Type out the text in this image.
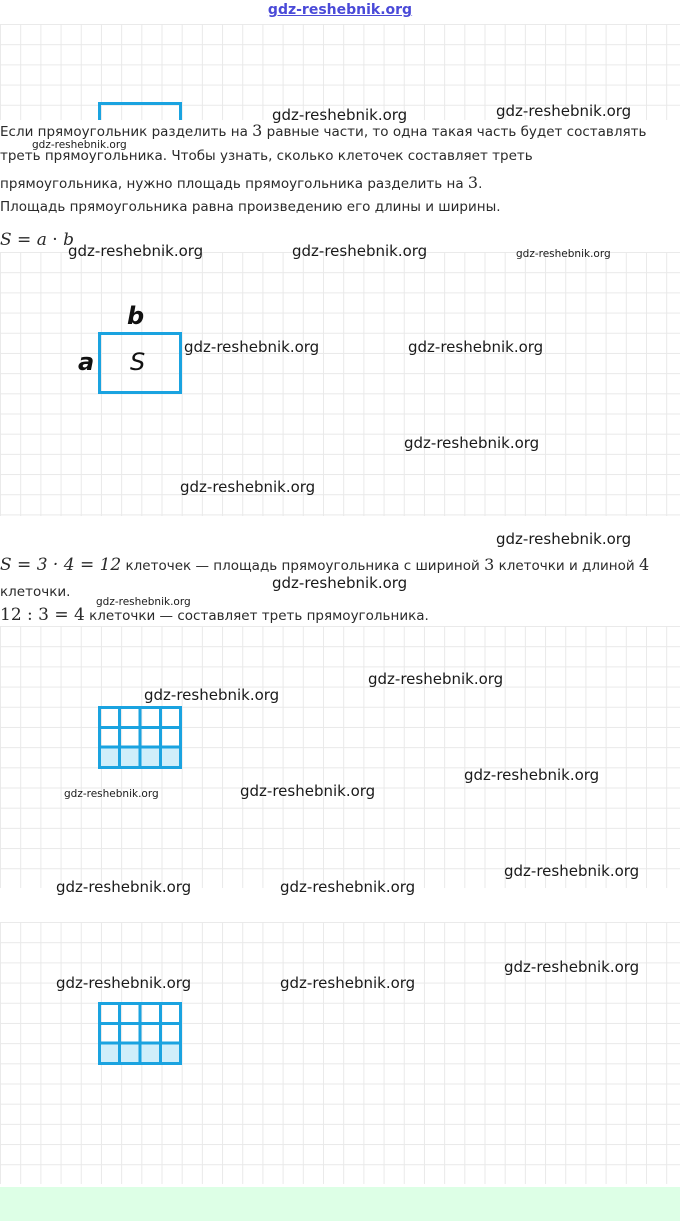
gdz-reshebnik.org
Если прямоугольник разделить на 3 равные части, то одна такая часть будет составлять
треть прямоугольника. Чтобы узнать, сколько клеточек составляет треть
прямоугольника, нужно площадь прямоугольника разделить на 3.
Площадь прямоугольника равна произведению его длины и ширины.
S = a · b
b
a S
S = 3 · 4 = 12 клеточек — площадь прямоугольника с шириной 3 клеточки и длиной 4
клеточки.
12 : 3 = 4 клеточки — составляет треть прямоугольника.
gdz-reshebnik.org	gdz-reshebnik.org
gdz-reshebnik.org
gdz-reshebnik.org	gdz-reshebnik.org	gdz-reshebnik.org
gdz-reshebnik.org	gdz-reshebnik.org
gdz-reshebnik.org
gdz-reshebnik.org
gdz-reshebnik.org
gdz-reshebnik.org
gdz-reshebnik.org
gdz-reshebnik.org
gdz-reshebnik.org
gdz-reshebnik.org
gdz-reshebnik.org	gdz-reshebnik.org
gdz-reshebnik.org
gdz-reshebnik.org	gdz-reshebnik.org
gdz-reshebnik.org
gdz-reshebnik.org	gdz-reshebnik.org
